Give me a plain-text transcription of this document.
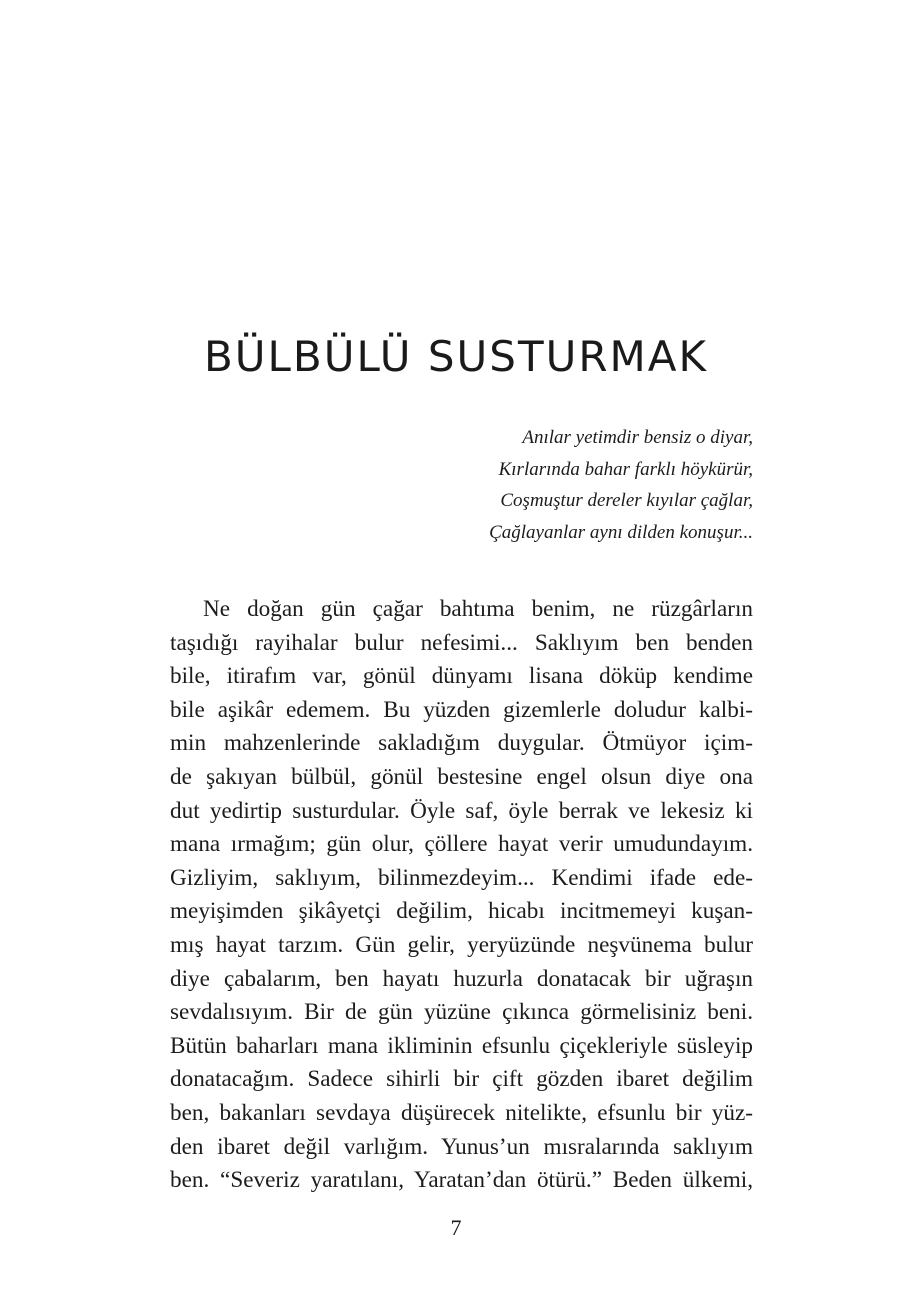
BÜLBÜLÜ SUSTURMAK
Anılar yetimdir bensiz o diyar,
Kırlarında bahar farklı höykürür,
Coşmuştur dereler kıyılar çağlar,
Çağlayanlar aynı dilden konuşur...
Ne doğan gün çağar bahtıma benim, ne rüzgârların
taşıdığı rayihalar bulur nefesimi... Saklıyım ben benden
bile, itirafım var, gönül dünyamı lisana döküp kendime
bile aşikâr edemem. Bu yüzden gizemlerle doludur kalbi-
min mahzenlerinde sakladığım duygular. Ötmüyor içim-
de şakıyan bülbül, gönül bestesine engel olsun diye ona
dut yedirtip susturdular. Öyle saf, öyle berrak ve lekesiz ki
mana ırmağım; gün olur, çöllere hayat verir umudundayım.
Gizliyim, saklıyım, bilinmezdeyim... Kendimi ifade ede-
meyişimden şikâyetçi değilim, hicabı incitmemeyi kuşan-
mış hayat tarzım. Gün gelir, yeryüzünde neşvünema bulur
diye çabalarım, ben hayatı huzurla donatacak bir uğraşın
sevdalısıyım. Bir de gün yüzüne çıkınca görmelisiniz beni.
Bütün baharları mana ikliminin efsunlu çiçekleriyle süsleyip
donatacağım. Sadece sihirli bir çift gözden ibaret değilim
ben, bakanları sevdaya düşürecek nitelikte, efsunlu bir yüz-
den ibaret değil varlığım. Yunus’un mısralarında saklıyım
ben. “Severiz yaratılanı, Yaratan’dan ötürü.” Beden ülkemi,
7
